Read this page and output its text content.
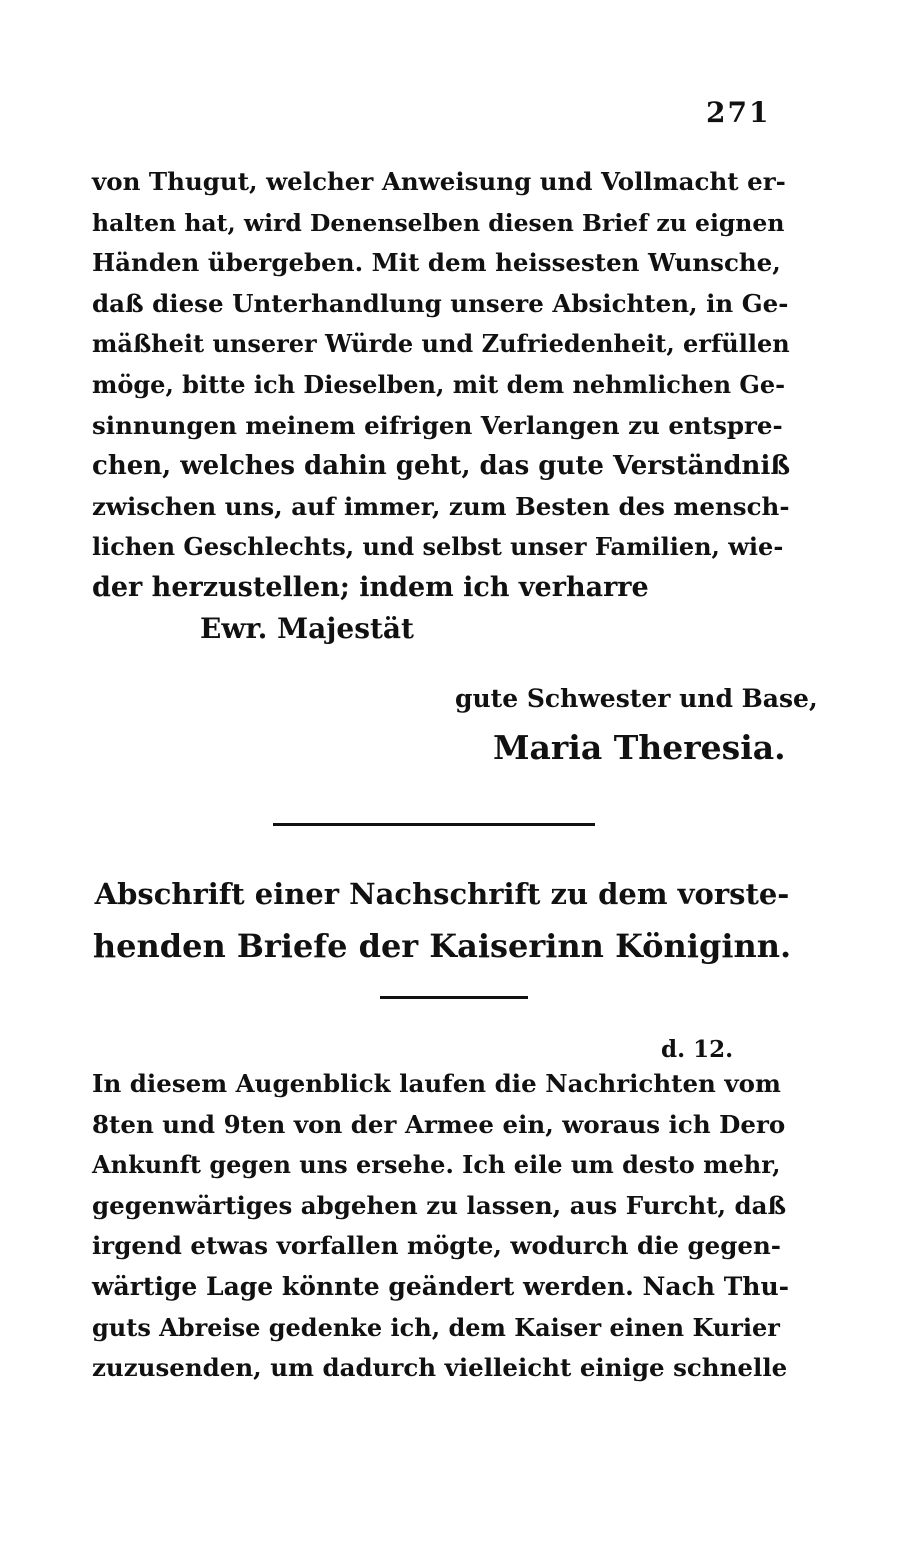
271
von Thugut, welcher Anweisung und Vollmacht er-
halten hat, wird Denenselben diesen Brief zu eignen
Händen übergeben. Mit dem heissesten Wunsche,
daß diese Unterhandlung unsere Absichten, in Ge-
mäßheit unserer Würde und Zufriedenheit, erfüllen
möge, bitte ich Dieselben, mit dem nehmlichen Ge-
sinnungen meinem eifrigen Verlangen zu entspre-
chen, welches dahin geht, das gute Verständniß
zwischen uns, auf immer, zum Besten des mensch-
lichen Geschlechts, und selbst unser Familien, wie-
der herzustellen; indem ich verharre
Ewr. Majestät
gute Schwester und Base,
Maria Theresia.
Abschrift einer Nachschrift zu dem vorste-
henden Briefe der Kaiserinn Königinn.
d. 12.
In diesem Augenblick laufen die Nachrichten vom
8ten und 9ten von der Armee ein, woraus ich Dero
Ankunft gegen uns ersehe. Ich eile um desto mehr,
gegenwärtiges abgehen zu lassen, aus Furcht, daß
irgend etwas vorfallen mögte, wodurch die gegen-
wärtige Lage könnte geändert werden. Nach Thu-
guts Abreise gedenke ich, dem Kaiser einen Kurier
zuzusenden, um dadurch vielleicht einige schnelle
